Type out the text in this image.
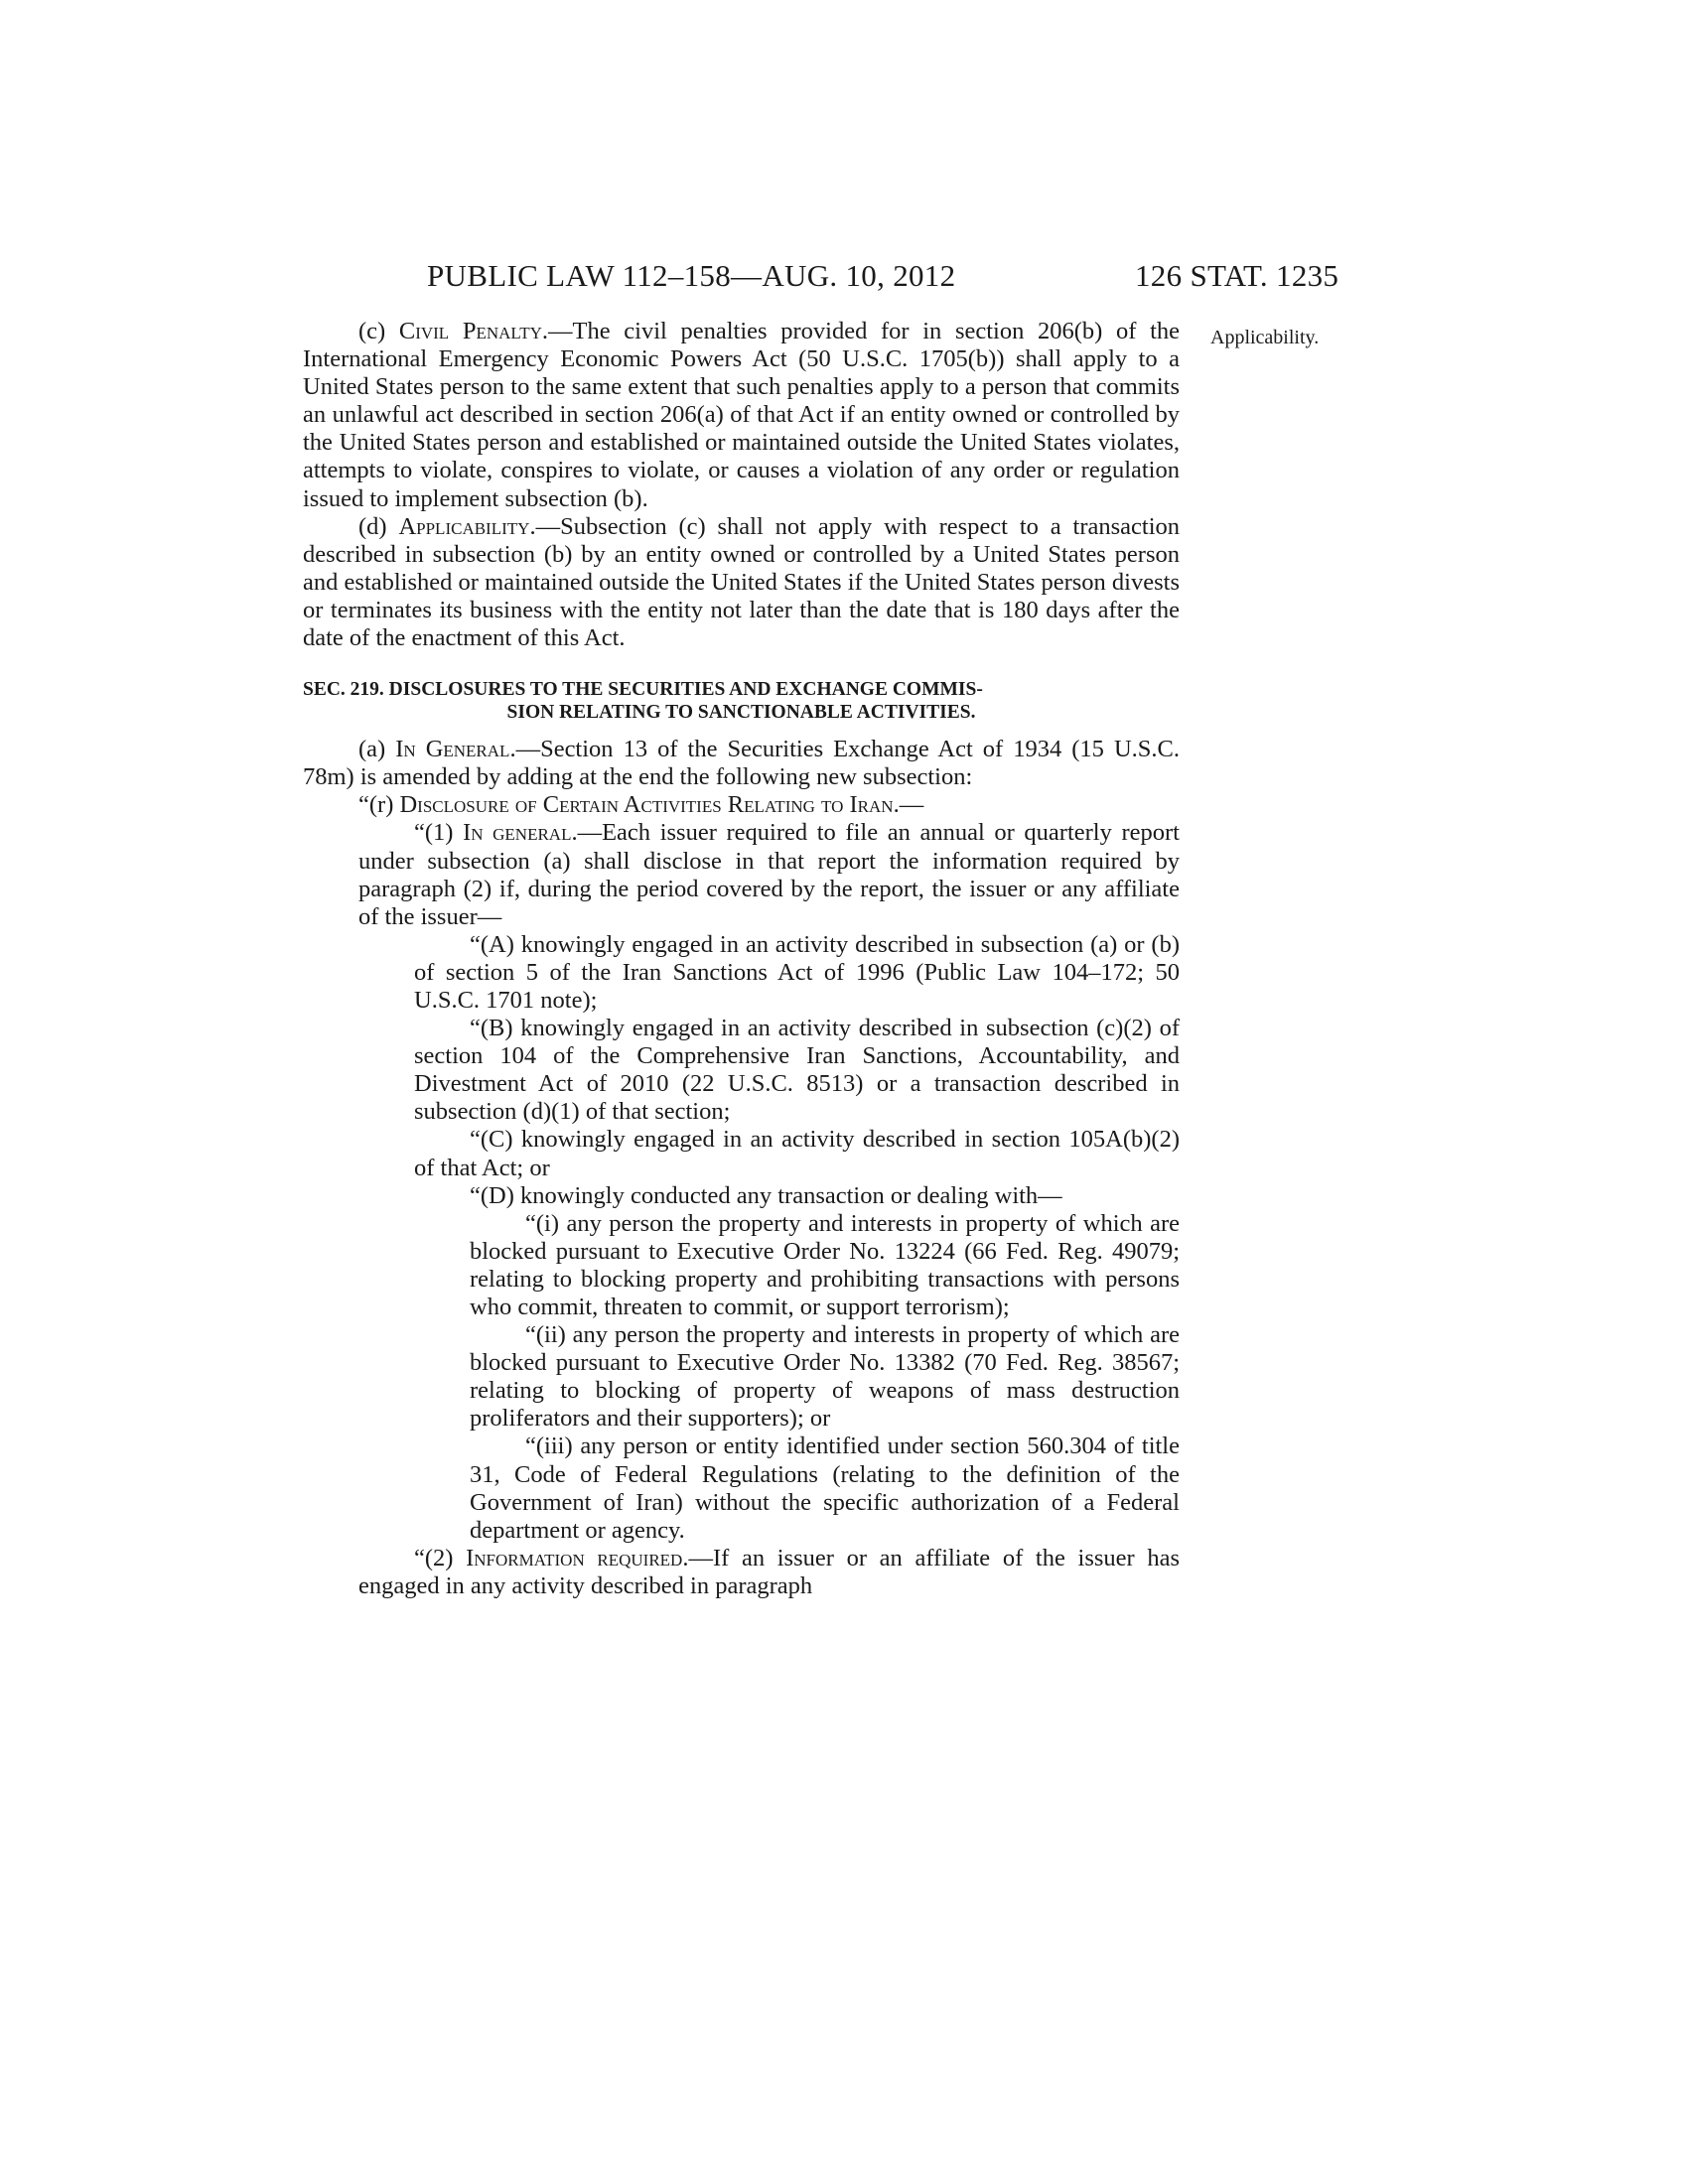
PUBLIC LAW 112–158—AUG. 10, 2012	126 STAT. 1235
Applicability.

(c) Civil Penalty.—The civil penalties provided for in section 206(b) of the International Emergency Economic Powers Act (50 U.S.C. 1705(b)) shall apply to a United States person to the same extent that such penalties apply to a person that commits an unlawful act described in section 206(a) of that Act if an entity owned or controlled by the United States person and established or maintained outside the United States violates, attempts to violate, conspires to violate, or causes a violation of any order or regulation issued to implement subsection (b).

(d) Applicability.—Subsection (c) shall not apply with respect to a transaction described in subsection (b) by an entity owned or controlled by a United States person and established or maintained outside the United States if the United States person divests or terminates its business with the entity not later than the date that is 180 days after the date of the enactment of this Act.

SEC. 219. DISCLOSURES TO THE SECURITIES AND EXCHANGE COMMIS-
SION RELATING TO SANCTIONABLE ACTIVITIES.

(a) In General.—Section 13 of the Securities Exchange Act of 1934 (15 U.S.C. 78m) is amended by adding at the end the following new subsection:

“(r) Disclosure of Certain Activities Relating to Iran.—

“(1) In general.—Each issuer required to file an annual or quarterly report under subsection (a) shall disclose in that report the information required by paragraph (2) if, during the period covered by the report, the issuer or any affiliate of the issuer—

“(A) knowingly engaged in an activity described in subsection (a) or (b) of section 5 of the Iran Sanctions Act of 1996 (Public Law 104–172; 50 U.S.C. 1701 note);

“(B) knowingly engaged in an activity described in subsection (c)(2) of section 104 of the Comprehensive Iran Sanctions, Accountability, and Divestment Act of 2010 (22 U.S.C. 8513) or a transaction described in subsection (d)(1) of that section;

“(C) knowingly engaged in an activity described in section 105A(b)(2) of that Act; or

“(D) knowingly conducted any transaction or dealing with—

“(i) any person the property and interests in property of which are blocked pursuant to Executive Order No. 13224 (66 Fed. Reg. 49079; relating to blocking property and prohibiting transactions with persons who commit, threaten to commit, or support terrorism);

“(ii) any person the property and interests in property of which are blocked pursuant to Executive Order No. 13382 (70 Fed. Reg. 38567; relating to blocking of property of weapons of mass destruction proliferators and their supporters); or

“(iii) any person or entity identified under section 560.304 of title 31, Code of Federal Regulations (relating to the definition of the Government of Iran) without the specific authorization of a Federal department or agency.

“(2) Information required.—If an issuer or an affiliate of the issuer has engaged in any activity described in paragraph
